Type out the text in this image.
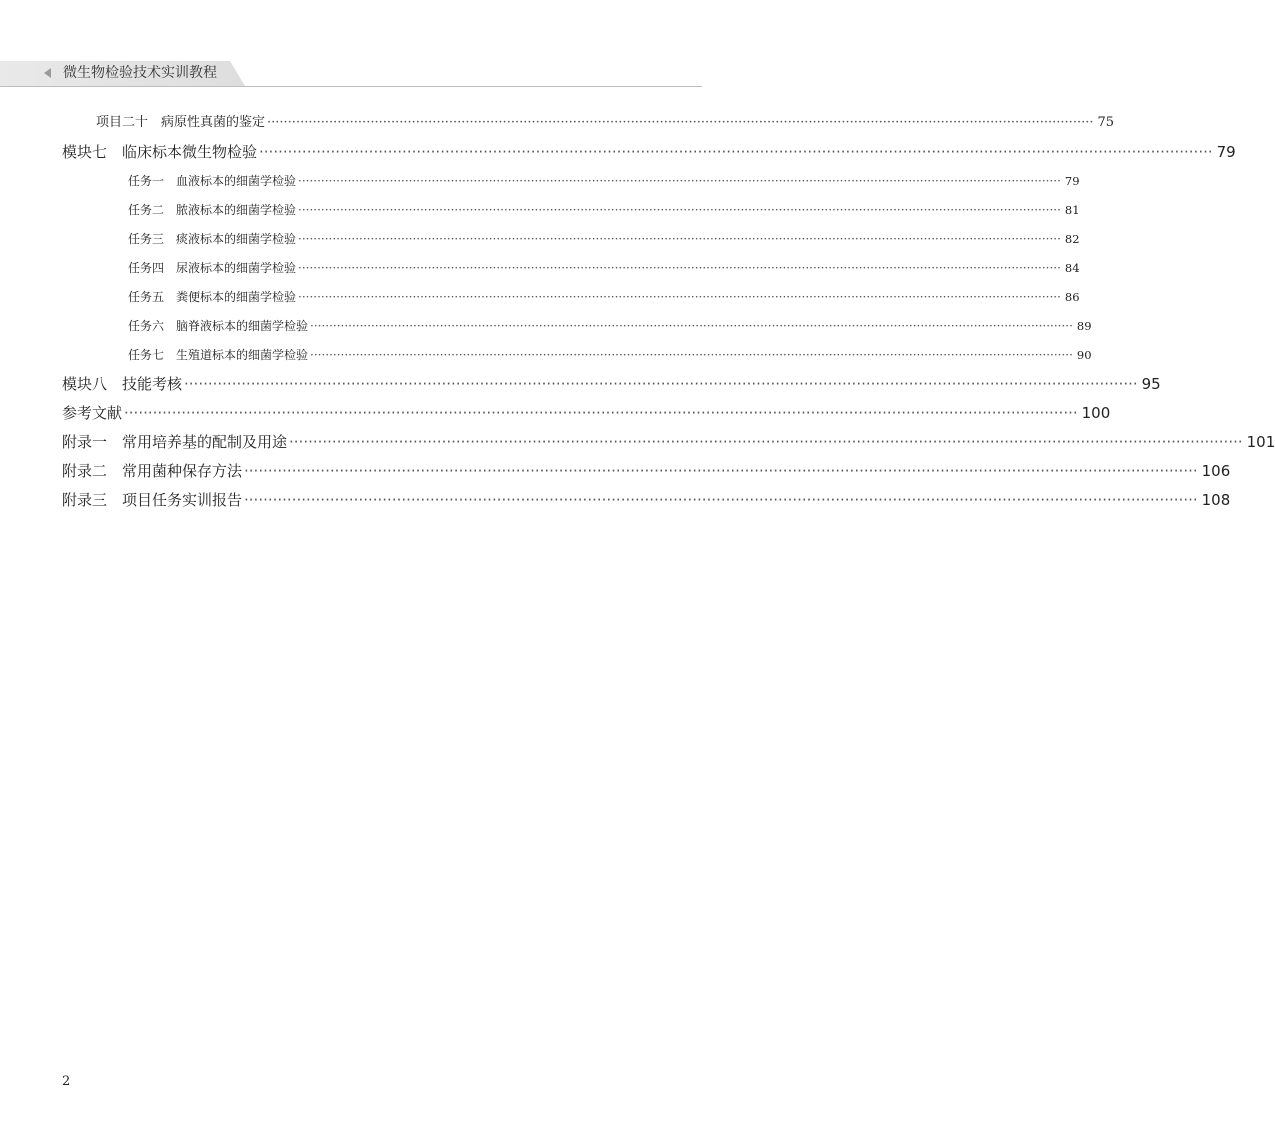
微生物检验技术实训教程
项目二十　病原性真菌的鉴定 ········································································································································································································ 75
模块七　临床标本微生物检验 ········································································································································································································ 79
任务一　血液标本的细菌学检验 ········································································································································································································ 79
任务二　脓液标本的细菌学检验 ········································································································································································································ 81
任务三　痰液标本的细菌学检验 ········································································································································································································ 82
任务四　尿液标本的细菌学检验 ········································································································································································································ 84
任务五　粪便标本的细菌学检验 ········································································································································································································ 86
任务六　脑脊液标本的细菌学检验 ········································································································································································································ 89
任务七　生殖道标本的细菌学检验 ········································································································································································································ 90
模块八　技能考核 ········································································································································································································ 95
参考文献 ········································································································································································································ 100
附录一　常用培养基的配制及用途 ········································································································································································································ 101
附录二　常用菌种保存方法 ········································································································································································································ 106
附录三　项目任务实训报告 ········································································································································································································ 108
2
